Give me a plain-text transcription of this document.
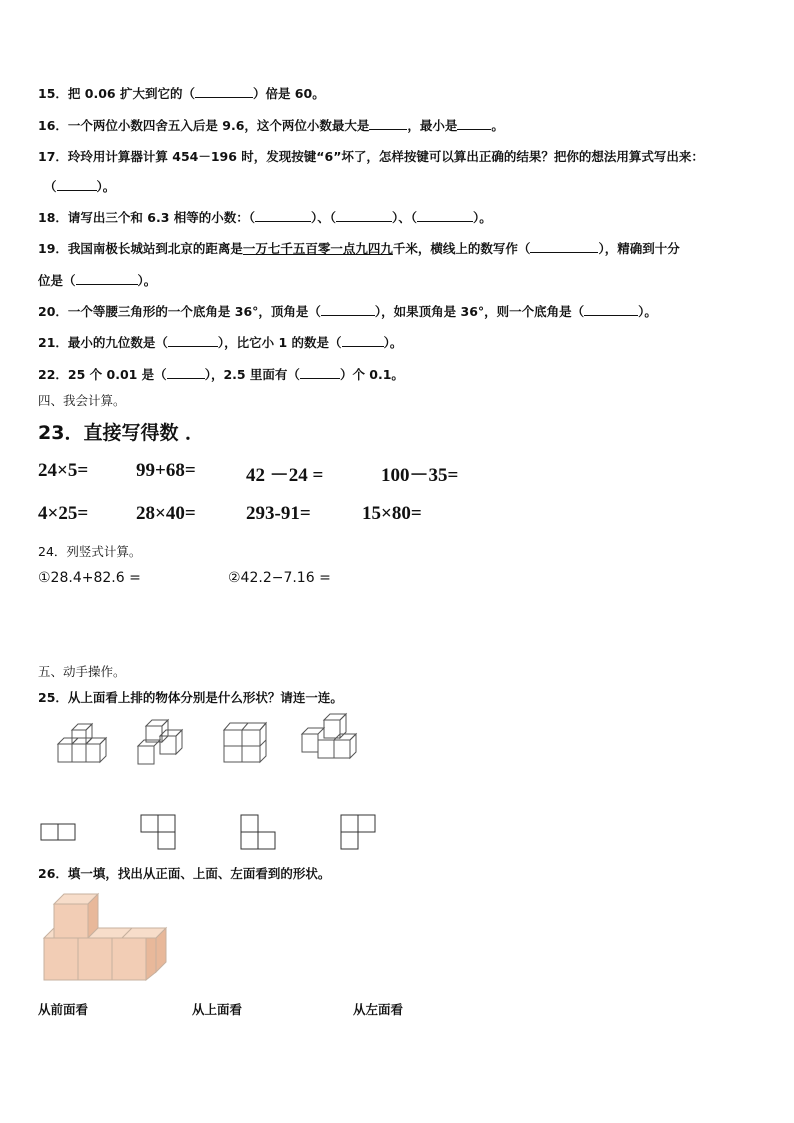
15．把 0.06 扩大到它的（	）倍是 60。
16．一个两位小数四舍五入后是 9.6，这个两位小数最大是	，最小是	。
17．玲玲用计算器计算 454－196 时，发现按键“6”坏了，怎样按键可以算出正确的结果？把你的想法用算式写出来：
（	）。
18．请写出三个和 6.3 相等的小数：（	）、（	）、（	）。
19．我国南极长城站到北京的距离是一万七千五百零一点九四九千米，横线上的数写作（	），精确到十分
位是（	）。
20．一个等腰三角形的一个底角是 36°，顶角是（	），如果顶角是 36°，则一个底角是（	）。
21．最小的九位数是（	），比它小 1 的数是（	）。
22．25 个 0.01 是（	），2.5 里面有（	）个 0.1。
四、我会计算。
23．直接写得数 ．
24×5=	99+68=	42 －24 =	100－35=
4×25=	28×40=	293-91=	15×80=
24．列竖式计算。
①28.4+82.6 =	②42.2−7.16 =
五、动手操作。
25．从上面看上排的物体分别是什么形状？请连一连。
26．填一填，找出从正面、上面、左面看到的形状。
从前面看	从上面看	从左面看
